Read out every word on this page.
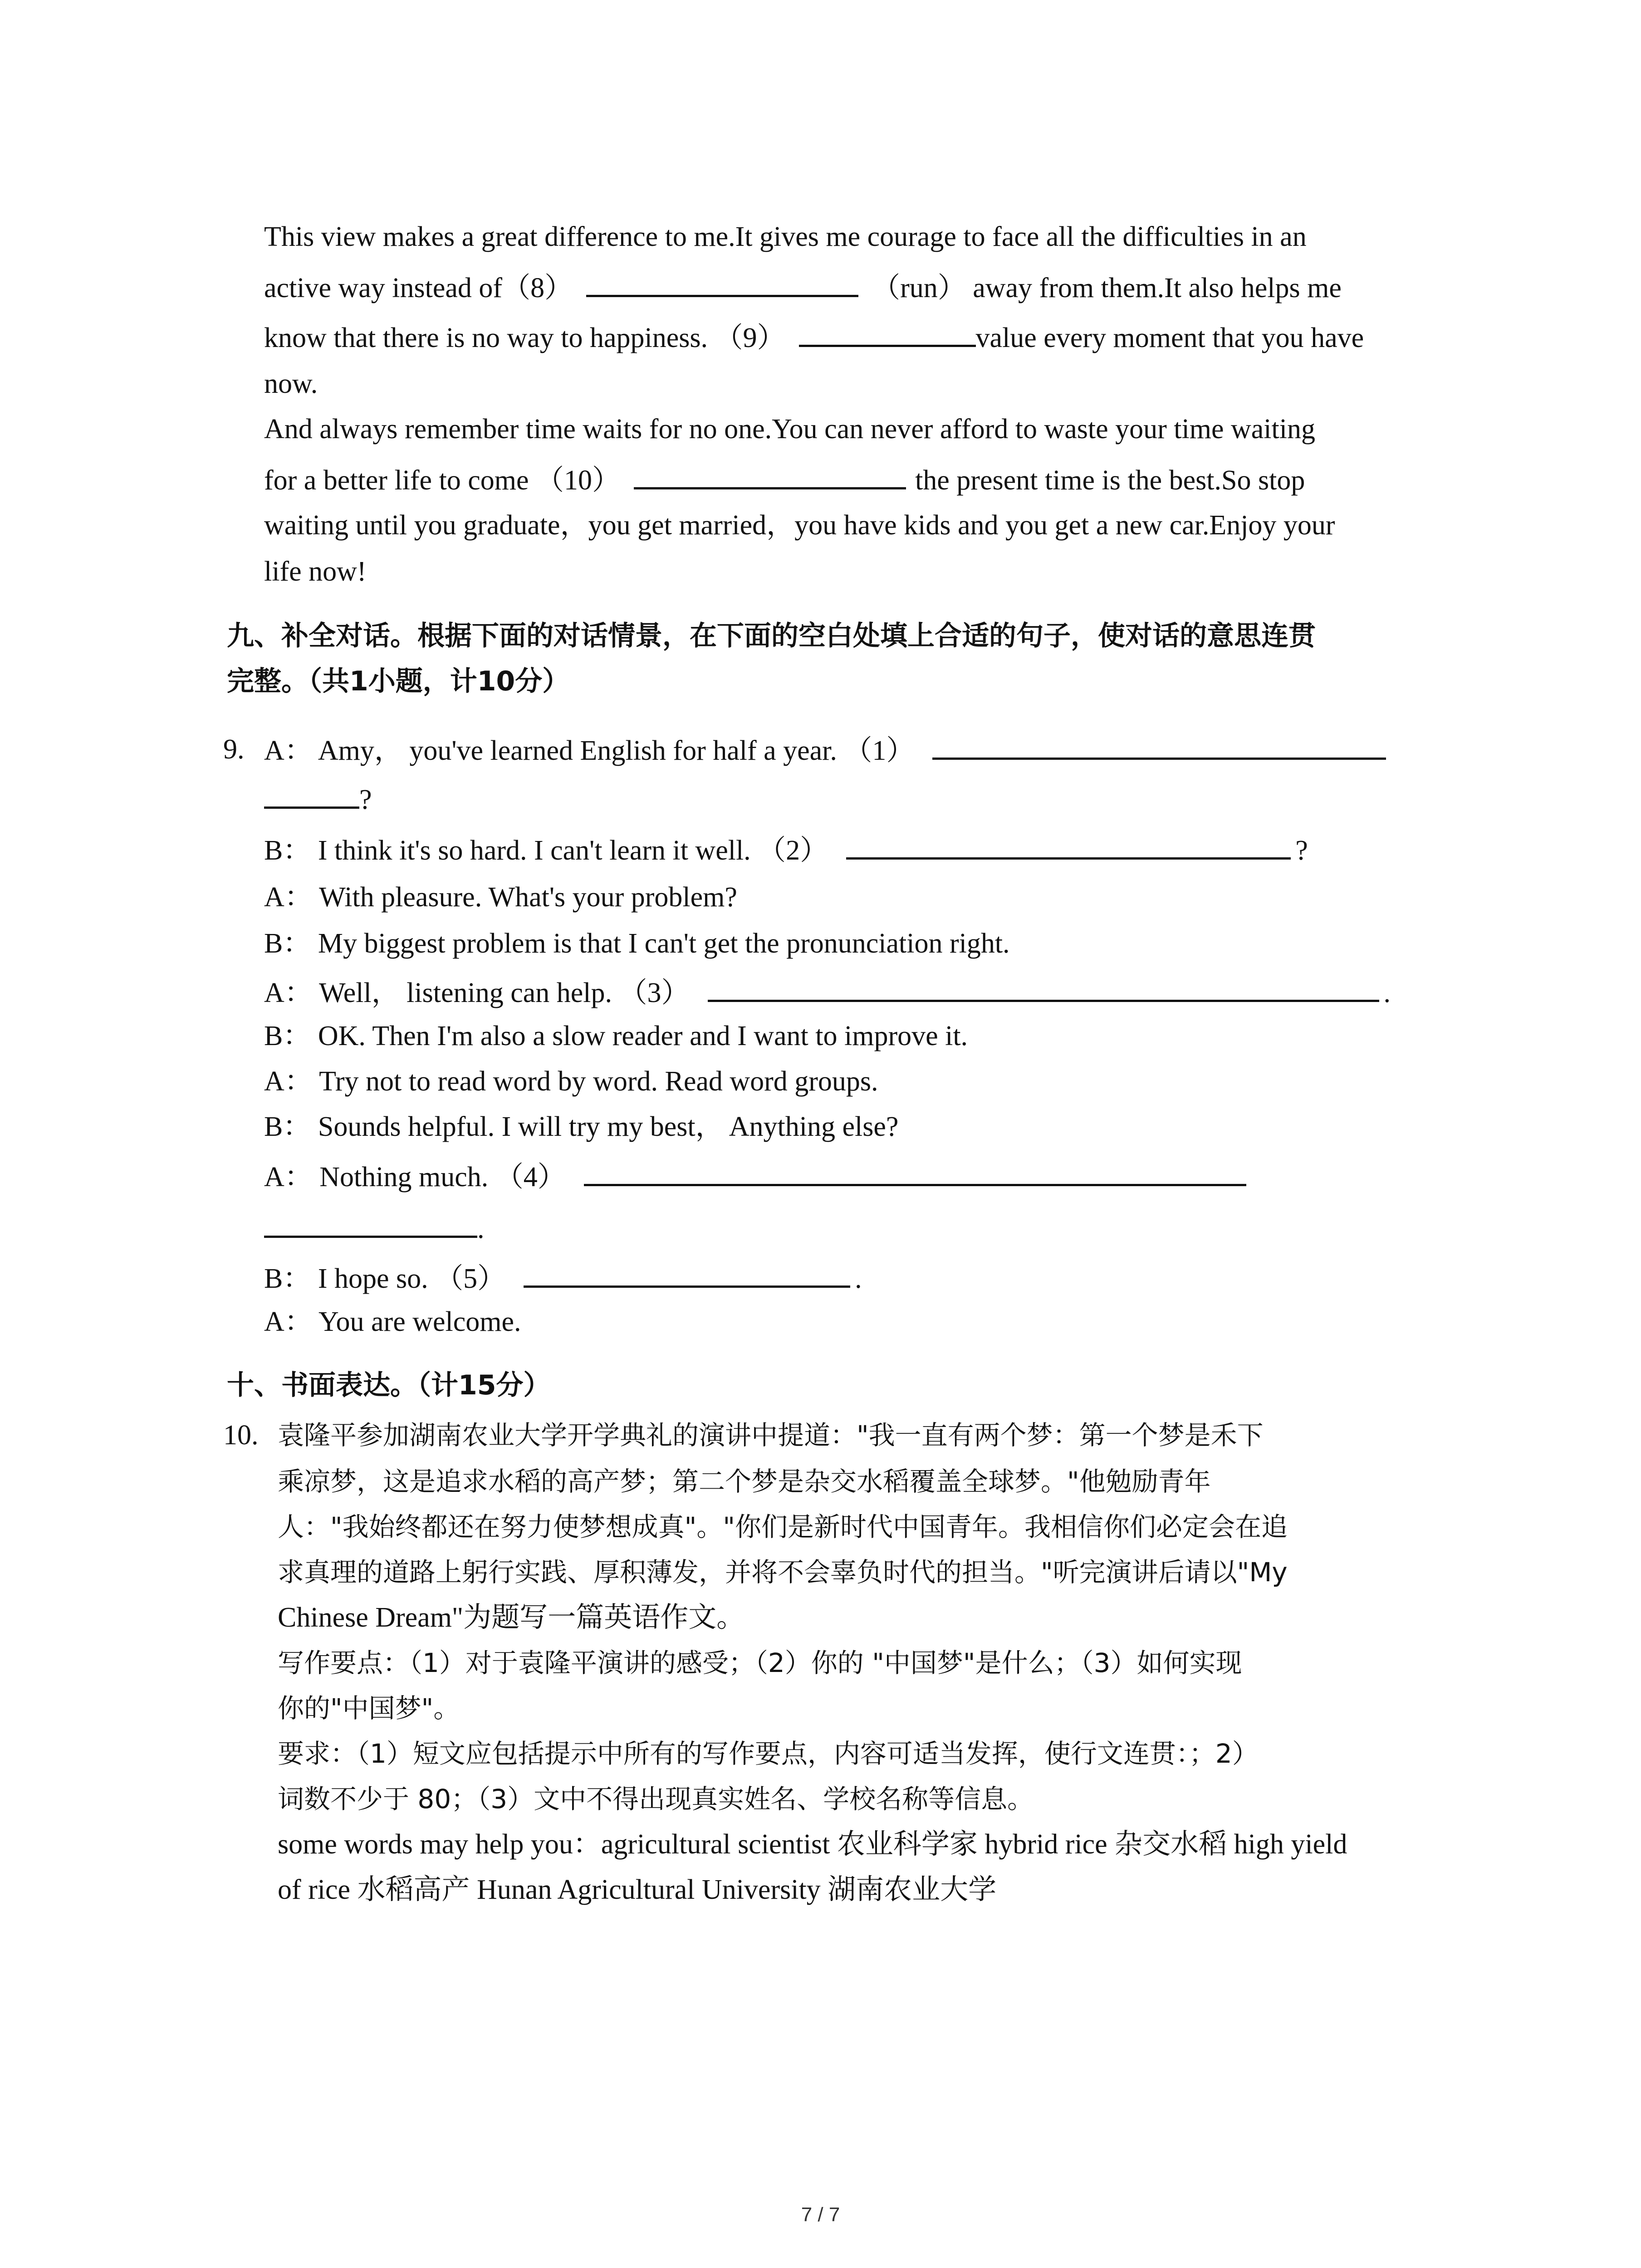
This view makes a great difference to me.It gives me courage to face all the difficulties in an
active way instead of（8）	（run） away from them.It also helps me
know that there is no way to happiness. （9）	value every moment that you have
now.
And always remember time waits for no one.You can never afford to waste your time waiting
for a better life to come （10）	the present time is the best.So stop
waiting until you graduate，you get married，you have kids and you get a new car.Enjoy your
life now!
九、补全对话。根据下面的对话情景，在下面的空白处填上合适的句子，使对话的意思连贯
完整。（共1小题，计10分）
9. A： Amy， you've learned English for half a year. （1）
?
B： I think it's so hard. I can't learn it well. （2）	?
A： With pleasure. What's your problem?
B： My biggest problem is that I can't get the pronunciation right.
A： Well， listening can help. （3）	.
B： OK. Then I'm also a slow reader and I want to improve it.
A： Try not to read word by word. Read word groups.
B： Sounds helpful. I will try my best， Anything else?
A： Nothing much. （4）
.
B： I hope so. （5）	.
A： You are welcome.
十、书面表达。（计15分）
10. 袁隆平参加湖南农业大学开学典礼的演讲中提道："我一直有两个梦：第一个梦是禾下
乘凉梦，这是追求水稻的高产梦；第二个梦是杂交水稻覆盖全球梦。"他勉励青年
人："我始终都还在努力使梦想成真"。"你们是新时代中国青年。我相信你们必定会在追
求真理的道路上躬行实践、厚积薄发，并将不会辜负时代的担当。"听完演讲后请以"My
Chinese Dream"为题写一篇英语作文。
写作要点：（1）对于袁隆平演讲的感受；（2）你的 "中国梦"是什么；（3）如何实现
你的"中国梦"。
要求：（1）短文应包括提示中所有的写作要点，内容可适当发挥，使行文连贯：；2）
词数不少于 80；（3）文中不得出现真实姓名、学校名称等信息。
some words may help you：agricultural scientist 农业科学家 hybrid rice 杂交水稻 high yield
of rice 水稻高产 Hunan Agricultural University 湖南农业大学
7 / 7
